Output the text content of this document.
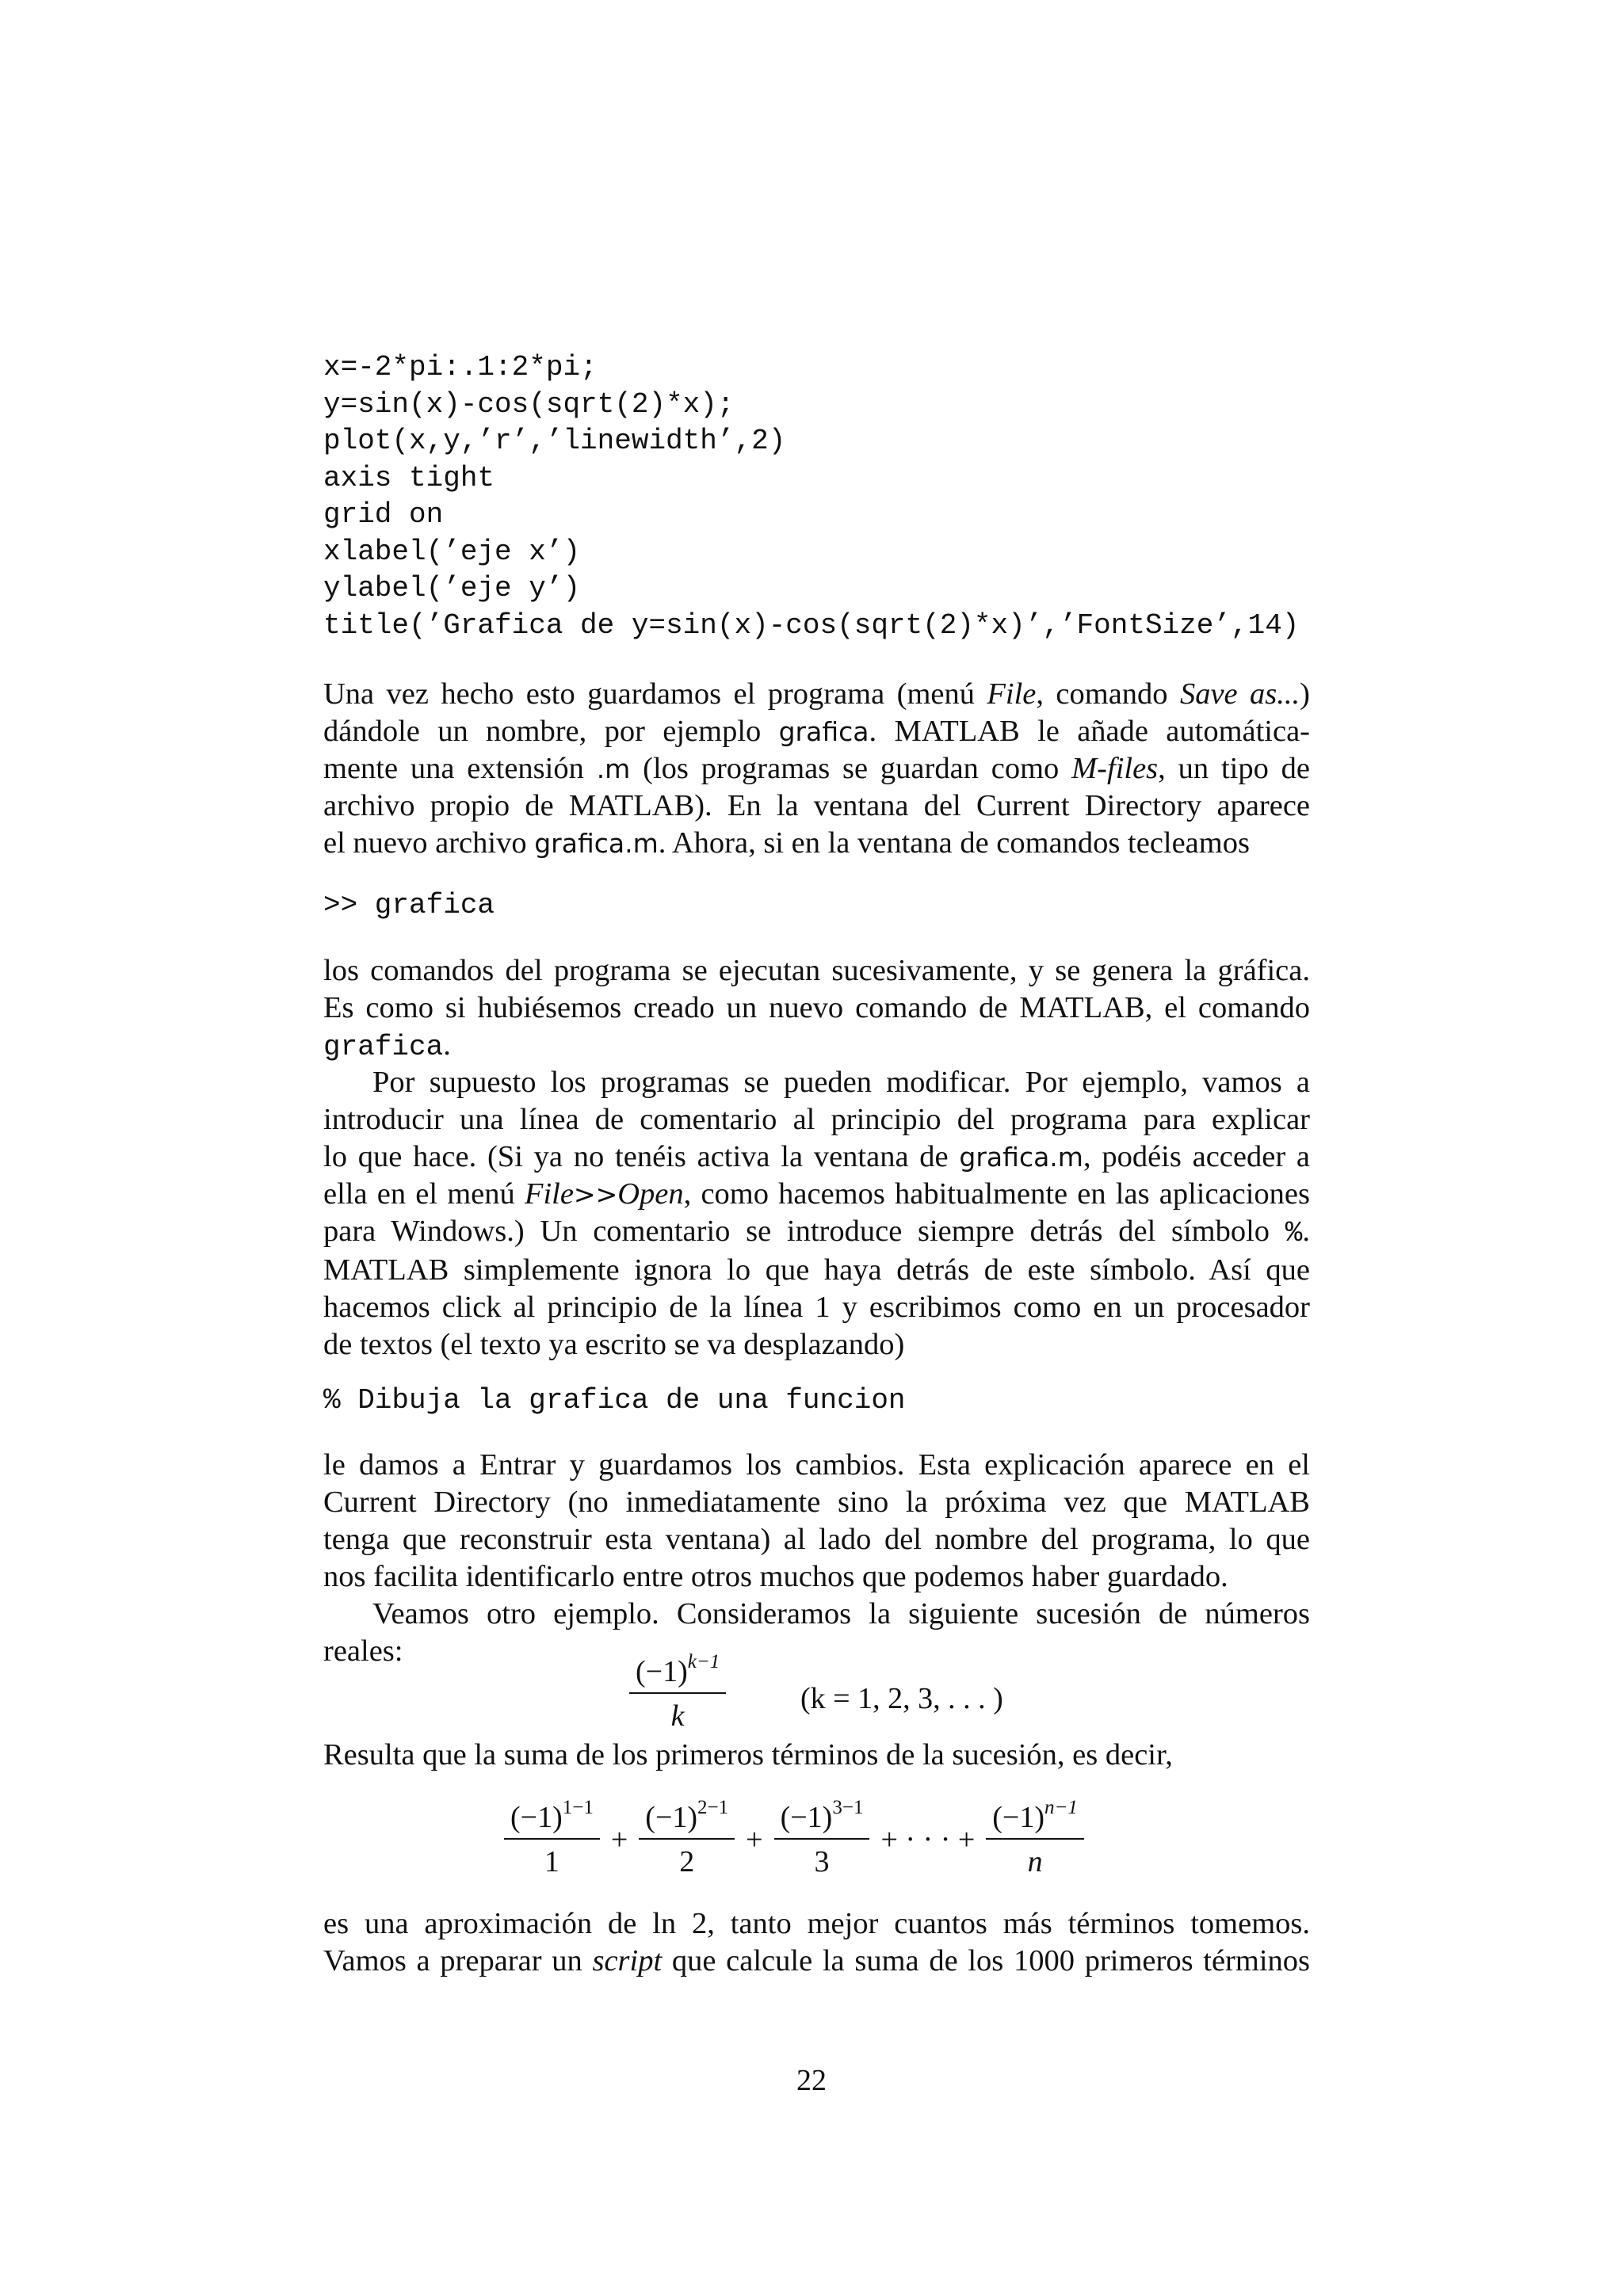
x=-2*pi:.1:2*pi;
y=sin(x)-cos(sqrt(2)*x);
plot(x,y,’r’,’linewidth’,2)
axis tight
grid on
xlabel(’eje x’)
ylabel(’eje y’)
title(’Grafica de y=sin(x)-cos(sqrt(2)*x)’,’FontSize’,14)
Una vez hecho esto guardamos el programa (menú File, comando Save as...)
dándole un nombre, por ejemplo grafica. MATLAB le añade automática-
mente una extensión .m (los programas se guardan como M-files, un tipo de
archivo propio de MATLAB). En la ventana del Current Directory aparece
el nuevo archivo grafica.m. Ahora, si en la ventana de comandos tecleamos
>> grafica
los comandos del programa se ejecutan sucesivamente, y se genera la gráfica.
Es como si hubiésemos creado un nuevo comando de MATLAB, el comando
grafica.
Por supuesto los programas se pueden modificar. Por ejemplo, vamos a
introducir una línea de comentario al principio del programa para explicar
lo que hace. (Si ya no tenéis activa la ventana de grafica.m, podéis acceder a
ella en el menú File>>Open, como hacemos habitualmente en las aplicaciones
para Windows.) Un comentario se introduce siempre detrás del símbolo %.
MATLAB simplemente ignora lo que haya detrás de este símbolo. Así que
hacemos click al principio de la línea 1 y escribimos como en un procesador
de textos (el texto ya escrito se va desplazando)
% Dibuja la grafica de una funcion
le damos a Entrar y guardamos los cambios. Esta explicación aparece en el
Current Directory (no inmediatamente sino la próxima vez que MATLAB
tenga que reconstruir esta ventana) al lado del nombre del programa, lo que
nos facilita identificarlo entre otros muchos que podemos haber guardado.
Veamos otro ejemplo. Consideramos la siguiente sucesión de números
reales:
$\frac{(-1)^{k-1}}{k} (k = 1$, 2, 3, . . . )
Resulta que la suma de los primeros términos de la sucesión, es decir,
$\frac{(-1)^{1-1}}{1} + \frac{(-1)^{2-1}}{2} + \frac{(-1)^{3-1}}{3}$ + · · · + $\frac{(-1)^{n-1}}{n}$
es una aproximación de ln 2, tanto mejor cuantos más términos tomemos.
Vamos a preparar un script que calcule la suma de los 1000 primeros términos
22
